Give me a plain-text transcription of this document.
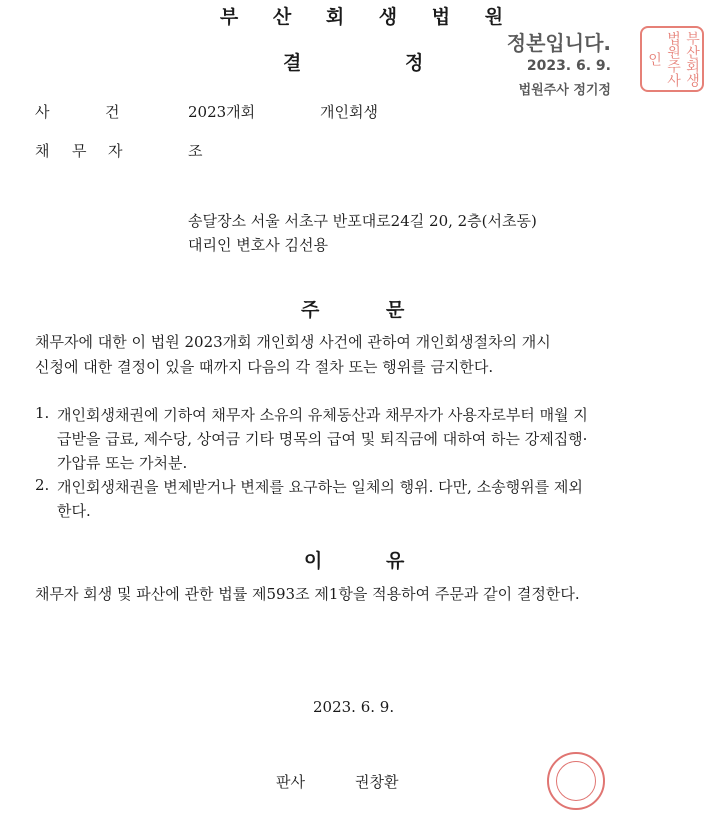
부 산 회 생 법 원
결	정
정본입니다.
2023. 6. 9.
법원주사 정기정
부산회생법원주사인
사	건	2023개회	개인회생
채 무 자	조
송달장소 서울 서초구 반포대로24길 20, 2층(서초동)
대리인 변호사 김선용
주	문
채무자에 대한 이 법원 2023개회 개인회생 사건에 관하여 개인회생절차의 개시
신청에 대한 결정이 있을 때까지 다음의 각 절차 또는 행위를 금지한다.
1. 개인회생채권에 기하여 채무자 소유의 유체동산과 채무자가 사용자로부터 매월 지
급받을 급료, 제수당, 상여금 기타 명목의 급여 및 퇴직금에 대하여 하는 강제집행·
가압류 또는 가처분.
2. 개인회생채권을 변제받거나 변제를 요구하는 일체의 행위. 다만, 소송행위를 제외
한다.
이	유
채무자 회생 및 파산에 관한 법률 제593조 제1항을 적용하여 주문과 같이 결정한다.
2023. 6. 9.
판사	권창환
